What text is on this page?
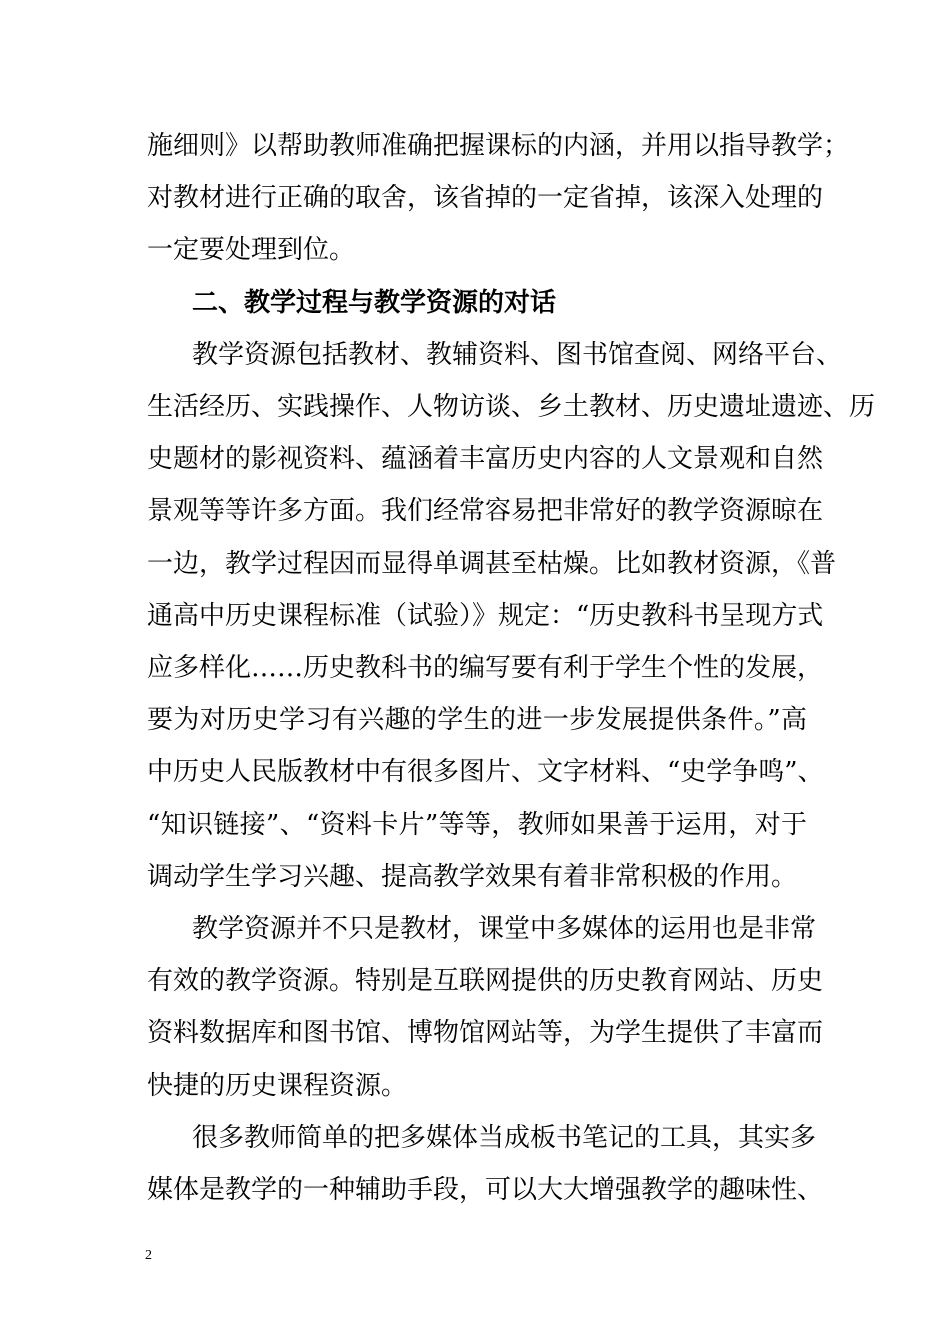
施细则》以帮助教师准确把握课标的内涵，并用以指导教学；
对教材进行正确的取舍，该省掉的一定省掉，该深入处理的
一定要处理到位。
二、教学过程与教学资源的对话
教学资源包括教材、教辅资料、图书馆查阅、网络平台、
生活经历、实践操作、人物访谈、乡土教材、历史遗址遗迹、历
史题材的影视资料、蕴涵着丰富历史内容的人文景观和自然
景观等等许多方面。我们经常容易把非常好的教学资源晾在
一边，教学过程因而显得单调甚至枯燥。比如教材资源，《普
通高中历史课程标准（试验）》规定：“历史教科书呈现方式
应多样化……历史教科书的编写要有利于学生个性的发展，
要为对历史学习有兴趣的学生的进一步发展提供条件。”高
中历史人民版教材中有很多图片、文字材料、“史学争鸣”、
“知识链接”、“资料卡片”等等，教师如果善于运用，对于
调动学生学习兴趣、提高教学效果有着非常积极的作用。
教学资源并不只是教材，课堂中多媒体的运用也是非常
有效的教学资源。特别是互联网提供的历史教育网站、历史
资料数据库和图书馆、博物馆网站等，为学生提供了丰富而
快捷的历史课程资源。
很多教师简单的把多媒体当成板书笔记的工具，其实多
媒体是教学的一种辅助手段，可以大大增强教学的趣味性、
2
